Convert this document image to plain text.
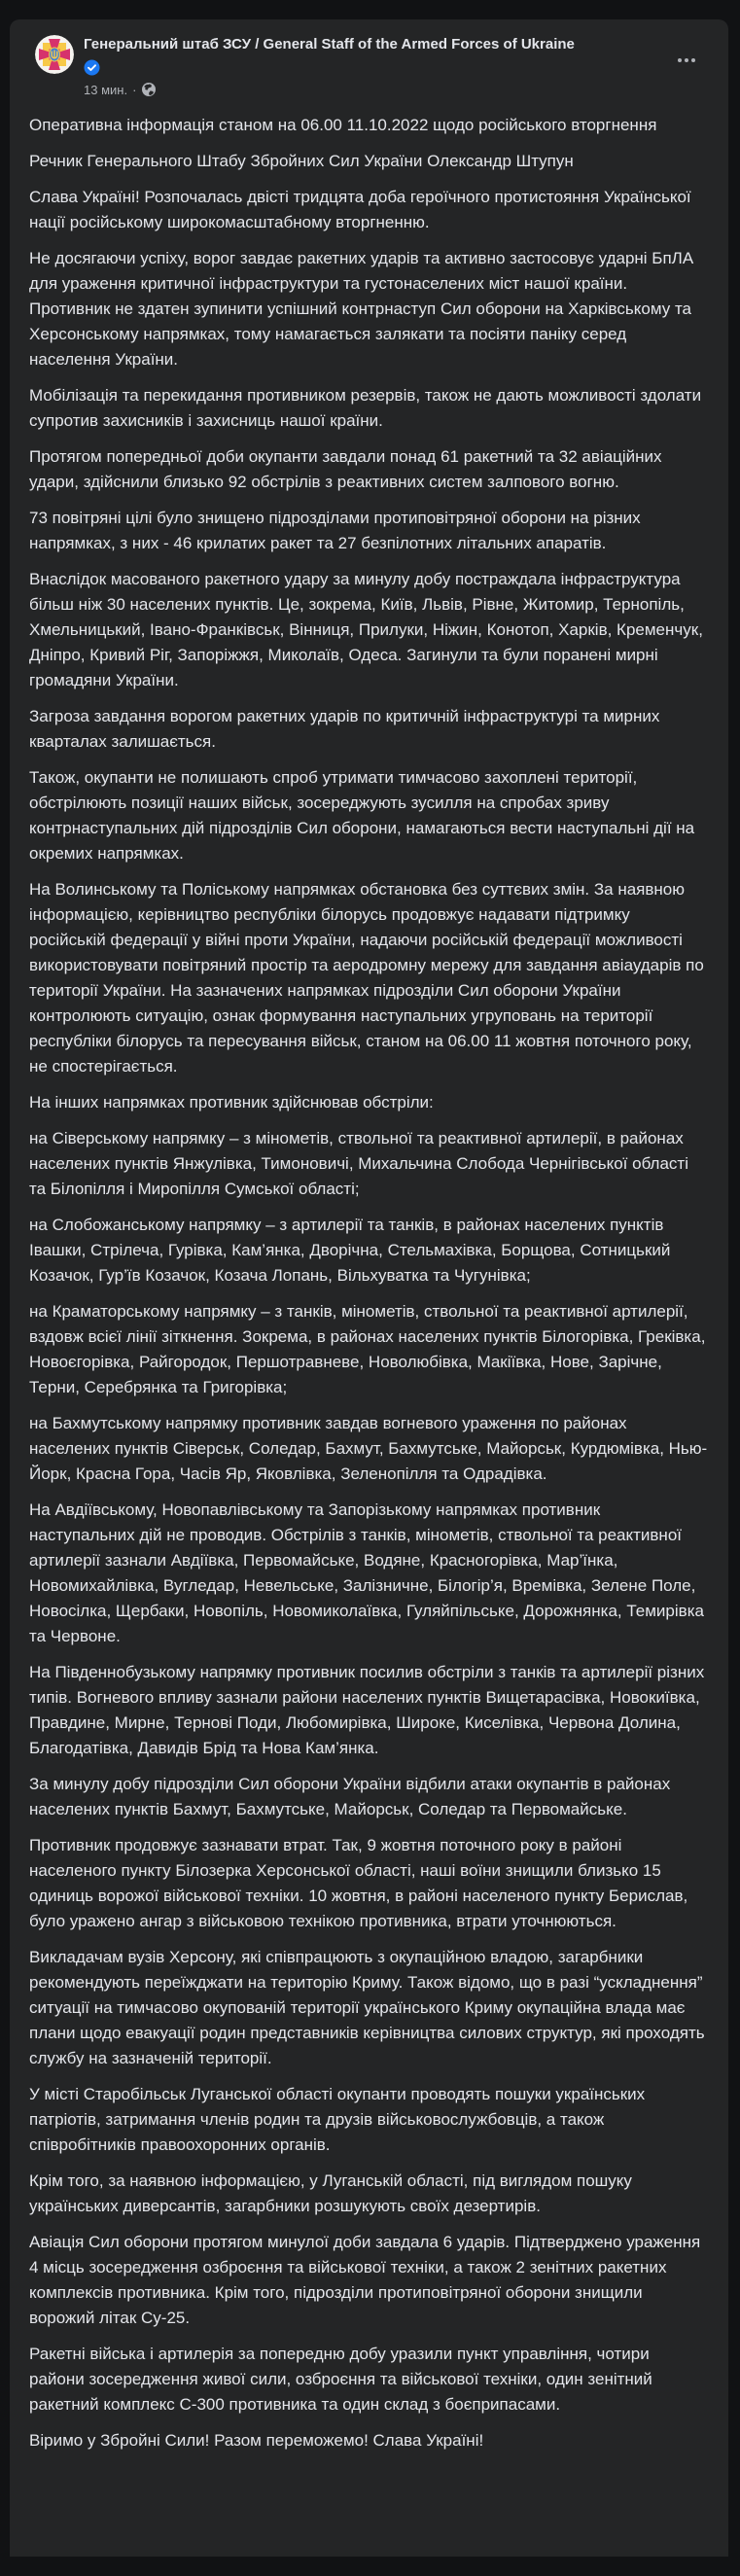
Генеральний штаб ЗСУ / General Staff of the Armed Forces of Ukraine
13 мин. ·

Оперативна інформація станом на 06.00 11.10.2022 щодо російського вторгнення

Речник Генерального Штабу Збройних Сил України Олександр Штупун

Слава Україні! Розпочалась двісті тридцята доба героїчного протистояння Української нації російському широкомасштабному вторгненню.

Не досягаючи успіху, ворог завдає ракетних ударів та активно застосовує ударні БпЛА для ураження критичної інфраструктури та густонаселених міст нашої країни. Противник не здатен зупинити успішний контрнаступ Сил оборони на Харківському та Херсонському напрямках, тому намагається залякати та посіяти паніку серед населення України.

Мобілізація та перекидання противником резервів, також не дають можливості здолати супротив захисників і захисниць нашої країни.

Протягом попередньої доби окупанти завдали понад 61 ракетний та 32 авіаційних удари, здійснили близько 92 обстрілів з реактивних систем залпового вогню.

73 повітряні цілі було знищено підрозділами протиповітряної оборони на різних напрямках, з них - 46 крилатих ракет та 27 безпілотних літальних апаратів.

Внаслідок масованого ракетного удару за минулу добу постраждала інфраструктура більш ніж 30 населених пунктів. Це, зокрема, Київ, Львів, Рівне, Житомир, Тернопіль, Хмельницький, Івано-Франківськ, Вінниця, Прилуки, Ніжин, Конотоп, Харків, Кременчук, Дніпро, Кривий Ріг, Запоріжжя, Миколаїв, Одеса. Загинули та були поранені мирні громадяни України.

Загроза завдання ворогом ракетних ударів по критичній інфраструктурі та мирних кварталах залишається.

Також, окупанти не полишають спроб утримати тимчасово захоплені території, обстрілюють позиції наших військ, зосереджують зусилля на спробах зриву контрнаступальних дій підрозділів Сил оборони, намагаються вести наступальні дії на окремих напрямках.

На Волинському та Поліському напрямках обстановка без суттєвих змін. За наявною інформацією, керівництво республіки білорусь продовжує надавати підтримку російській федерації у війні проти України, надаючи російській федерації можливості використовувати повітряний простір та аеродромну мережу для завдання авіаударів по території України. На зазначених напрямках підрозділи Сил оборони України контролюють ситуацію, ознак формування наступальних угруповань на території республіки білорусь та пересування військ, станом на 06.00 11 жовтня поточного року, не спостерігається.

На інших напрямках противник здійснював обстріли:

на Сіверському напрямку – з мінометів, ствольної та реактивної артилерії, в районах населених пунктів Янжулівка, Тимоновичі, Михальчина Слобода Чернігівської області та Білопілля і Миропілля Сумської області;

на Слобожанському напрямку – з артилерії та танків, в районах населених пунктів Івашки, Стрілеча, Гурівка, Кам’янка, Дворічна, Стельмахівка, Борщова, Сотницький Козачок, Гур’їв Козачок, Козача Лопань, Вільхуватка та Чугунівка;

на Краматорському напрямку – з танків, мінометів, ствольної та реактивної артилерії, вздовж всієї лінії зіткнення. Зокрема, в районах населених пунктів Білогорівка, Греківка, Новоєгорівка, Райгородок, Першотравневе, Новолюбівка, Макіївка, Нове, Зарічне, Терни, Серебрянка та Григорівка;

на Бахмутському напрямку противник завдав вогневого ураження по районах населених пунктів Сіверськ, Соледар, Бахмут, Бахмутське, Майорськ, Курдюмівка, Нью-Йорк, Красна Гора, Часів Яр, Яковлівка, Зеленопілля та Одрадівка.

На Авдіївському, Новопавлівському та Запорізькому напрямках противник наступальних дій не проводив. Обстрілів з танків, мінометів, ствольної та реактивної артилерії зазнали Авдіївка, Первомайське, Водяне, Красногорівка, Мар’їнка, Новомихайлівка, Вугледар, Невельське, Залізничне, Білогір’я, Времівка, Зелене Поле, Новосілка, Щербаки, Новопіль, Новомиколаївка, Гуляйпільське, Дорожнянка, Темирівка та Червоне.

На Південнобузькому напрямку противник посилив обстріли з танків та артилерії різних типів. Вогневого впливу зазнали райони населених пунктів Вищетарасівка, Новокиївка, Правдине, Мирне, Тернові Поди, Любомирівка, Широке, Киселівка, Червона Долина, Благодатівка, Давидів Брід та Нова Кам’янка.

За минулу добу підрозділи Сил оборони України відбили атаки окупантів в районах населених пунктів Бахмут, Бахмутське, Майорськ, Соледар та Первомайське.

Противник продовжує зазнавати втрат. Так, 9 жовтня поточного року в районі населеного пункту Білозерка Херсонської області, наші воїни знищили близько 15 одиниць ворожої військової техніки. 10 жовтня, в районі населеного пункту Берислав, було уражено ангар з військовою технікою противника, втрати уточнюються.

Викладачам вузів Херсону, які співпрацюють з окупаційною владою, загарбники рекомендують переїжджати на територію Криму. Також відомо, що в разі “ускладнення” ситуації на тимчасово окупованій території українського Криму окупаційна влада має плани щодо евакуації родин представників керівництва силових структур, які проходять службу на зазначеній території.

У місті Старобільськ Луганської області окупанти проводять пошуки українських патріотів, затримання членів родин та друзів військовослужбовців, а також співробітників правоохоронних органів.

Крім того, за наявною інформацією, у Луганській області, під виглядом пошуку українських диверсантів, загарбники розшукують своїх дезертирів.

Авіація Сил оборони протягом минулої доби завдала 6 ударів. Підтверджено ураження 4 місць зосередження озброєння та військової техніки, а також 2 зенітних ракетних комплексів противника. Крім того, підрозділи протиповітряної оборони знищили ворожий літак Су-25.

Ракетні війська і артилерія за попередню добу уразили пункт управління, чотири райони зосередження живої сили, озброєння та військової техніки, один зенітний ракетний комплекс С-300 противника та один склад з боєприпасами.

Віримо у Збройні Сили! Разом переможемо! Слава Україні!
